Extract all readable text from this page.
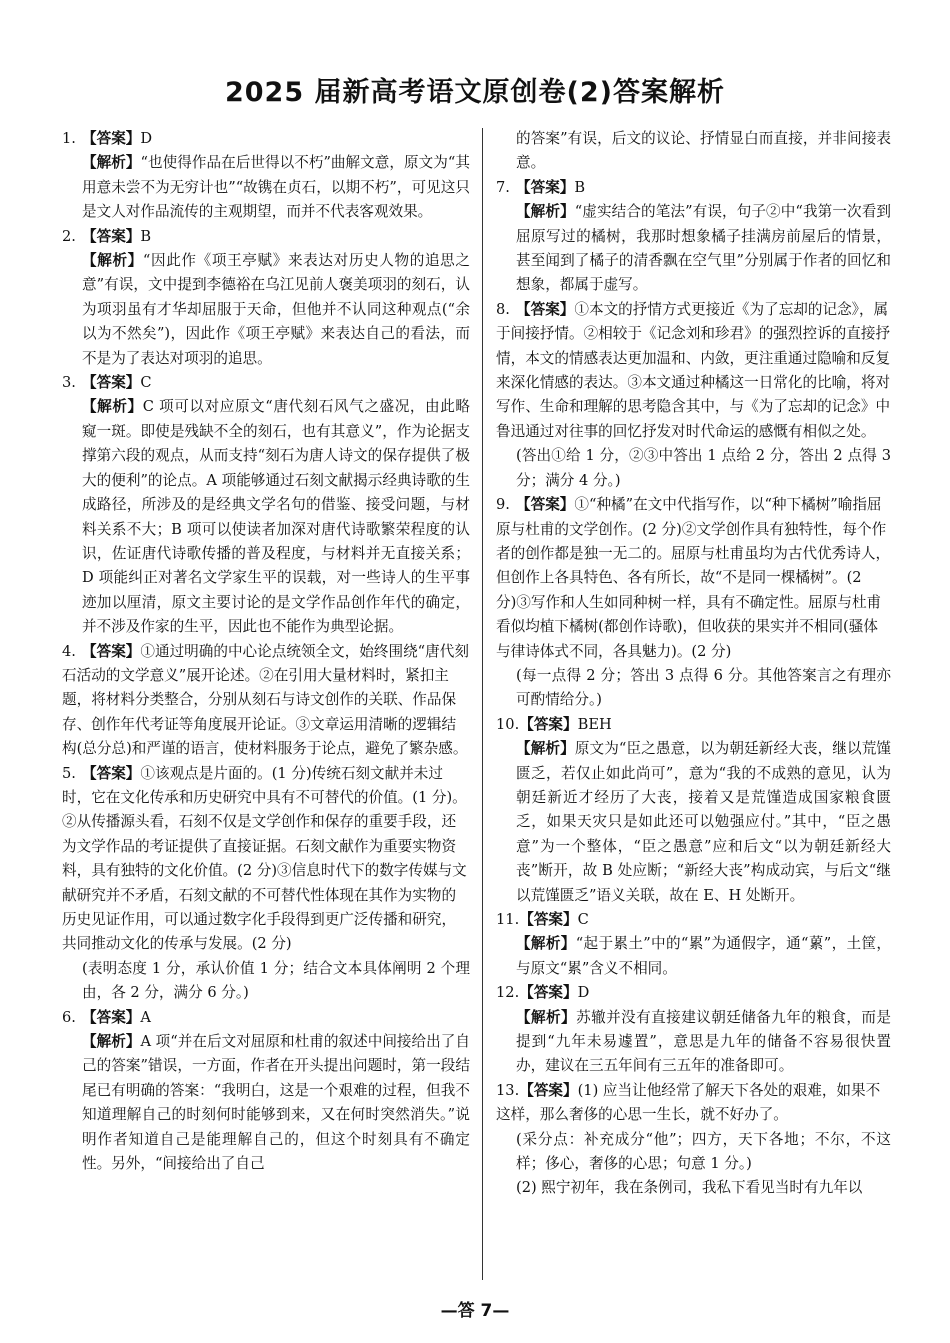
2025 届新高考语文原创卷(2)答案解析
1. 【答案】D
【解析】“也使得作品在后世得以不朽”曲解文意，原文为“其用意未尝不为无穷计也”“故镌在贞石，以期不朽”，可见这只是文人对作品流传的主观期望，而并不代表客观效果。
2. 【答案】B
【解析】“因此作《项王亭赋》来表达对历史人物的追思之意”有误，文中提到李德裕在乌江见前人褒美项羽的刻石，认为项羽虽有才华却屈服于天命，但他并不认同这种观点(“余以为不然矣”)，因此作《项王亭赋》来表达自己的看法，而不是为了表达对项羽的追思。
3. 【答案】C
【解析】C 项可以对应原文“唐代刻石风气之盛况，由此略窥一斑。即使是残缺不全的刻石，也有其意义”，作为论据支撑第六段的观点，从而支持“刻石为唐人诗文的保存提供了极大的便利”的论点。A 项能够通过石刻文献揭示经典诗歌的生成路径，所涉及的是经典文学名句的借鉴、接受问题，与材料关系不大；B 项可以使读者加深对唐代诗歌繁荣程度的认识，佐证唐代诗歌传播的普及程度，与材料并无直接关系；D 项能纠正对著名文学家生平的误载，对一些诗人的生平事迹加以厘清，原文主要讨论的是文学作品创作年代的确定，并不涉及作家的生平，因此也不能作为典型论据。
4. 【答案】①通过明确的中心论点统领全文，始终围绕“唐代刻石活动的文学意义”展开论述。②在引用大量材料时，紧扣主题，将材料分类整合，分别从刻石与诗文创作的关联、作品保存、创作年代考证等角度展开论证。③文章运用清晰的逻辑结构(总分总)和严谨的语言，使材料服务于论点，避免了繁杂感。
5. 【答案】①该观点是片面的。(1 分)传统石刻文献并未过时，它在文化传承和历史研究中具有不可替代的价值。(1 分)。②从传播源头看，石刻不仅是文学创作和保存的重要手段，还为文学作品的考证提供了直接证据。石刻文献作为重要实物资料，具有独特的文化价值。(2 分)③信息时代下的数字传媒与文献研究并不矛盾，石刻文献的不可替代性体现在其作为实物的历史见证作用，可以通过数字化手段得到更广泛传播和研究，共同推动文化的传承与发展。(2 分)
(表明态度 1 分，承认价值 1 分；结合文本具体阐明 2 个理由，各 2 分，满分 6 分。)
6. 【答案】A
【解析】A 项“并在后文对屈原和杜甫的叙述中间接给出了自己的答案”错误，一方面，作者在开头提出问题时，第一段结尾已有明确的答案：“我明白，这是一个艰难的过程，但我不知道理解自己的时刻何时能够到来，又在何时突然消失。”说明作者知道自己是能理解自己的，但这个时刻具有不确定性。另外，“间接给出了自己
的答案”有误，后文的议论、抒情显白而直接，并非间接表意。
7. 【答案】B
【解析】“虚实结合的笔法”有误，句子②中“我第一次看到屈原写过的橘树，我那时想象橘子挂满房前屋后的情景，甚至闻到了橘子的清香飘在空气里”分别属于作者的回忆和想象，都属于虚写。
8. 【答案】①本文的抒情方式更接近《为了忘却的记念》，属于间接抒情。②相较于《记念刘和珍君》的强烈控诉的直接抒情，本文的情感表达更加温和、内敛，更注重通过隐喻和反复来深化情感的表达。③本文通过种橘这一日常化的比喻，将对写作、生命和理解的思考隐含其中，与《为了忘却的记念》中鲁迅通过对往事的回忆抒发对时代命运的感慨有相似之处。
(答出①给 1 分，②③中答出 1 点给 2 分，答出 2 点得 3 分；满分 4 分。)
9. 【答案】①“种橘”在文中代指写作，以“种下橘树”喻指屈原与杜甫的文学创作。(2 分)②文学创作具有独特性，每个作者的创作都是独一无二的。屈原与杜甫虽均为古代优秀诗人，但创作上各具特色、各有所长，故“不是同一棵橘树”。(2 分)③写作和人生如同种树一样，具有不确定性。屈原与杜甫看似均植下橘树(都创作诗歌)，但收获的果实并不相同(骚体与律诗体式不同，各具魅力)。(2 分)
(每一点得 2 分；答出 3 点得 6 分。其他答案言之有理亦可酌情给分。)
10.【答案】BEH
【解析】原文为“臣之愚意，以为朝廷新经大丧，继以荒馑匮乏，若仅止如此尚可”，意为“我的不成熟的意见，认为朝廷新近才经历了大丧，接着又是荒馑造成国家粮食匮乏，如果天灾只是如此还可以勉强应付。”其中，“臣之愚意”为一个整体，“臣之愚意”应和后文“以为朝廷新经大丧”断开，故 B 处应断；“新经大丧”构成动宾，与后文“继以荒馑匮乏”语义关联，故在 E、H 处断开。
11.【答案】C
【解析】“起于累土”中的“累”为通假字，通“蔂”，土筐，与原文“累”含义不相同。
12.【答案】D
【解析】苏辙并没有直接建议朝廷储备九年的粮食，而是提到“九年未易遽置”，意思是九年的储备不容易很快置办，建议在三五年间有三五年的准备即可。
13.【答案】(1) 应当让他经常了解天下各处的艰难，如果不这样，那么奢侈的心思一生长，就不好办了。
(采分点：补充成分“他”；四方，天下各地；不尔，不这样；侈心，奢侈的心思；句意 1 分。)
(2) 熙宁初年，我在条例司，我私下看见当时有九年以
—答 7—
